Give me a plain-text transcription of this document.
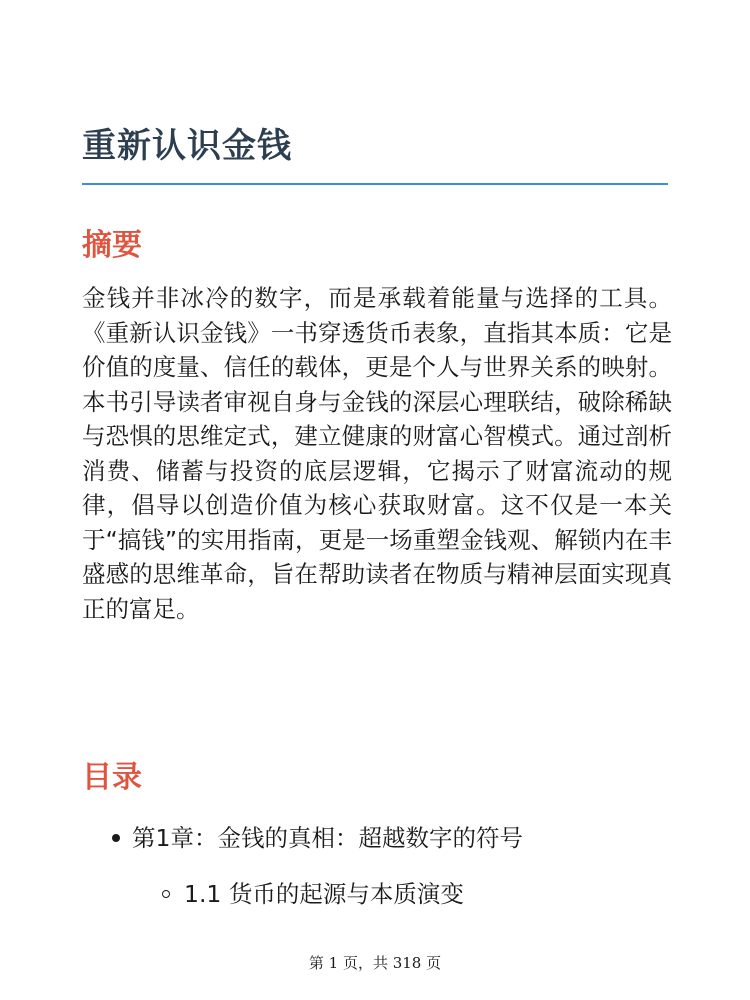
重新认识金钱
摘要

金钱并非冰冷的数字，而是承载着能量与选择的工具。《重新认识金钱》一书穿透货币表象，直指其本质：它是价值的度量、信任的载体，更是个人与世界关系的映射。本书引导读者审视自身与金钱的深层心理联结，破除稀缺与恐惧的思维定式，建立健康的财富心智模式。通过剖析消费、储蓄与投资的底层逻辑，它揭示了财富流动的规律，倡导以创造价值为核心获取财富。这不仅是一本关于“搞钱”的实用指南，更是一场重塑金钱观、解锁内在丰盛感的思维革命，旨在帮助读者在物质与精神层面实现真正的富足。

目录
第1章：金钱的真相：超越数字的符号
1.1 货币的起源与本质演变
第 1 页，共 318 页
